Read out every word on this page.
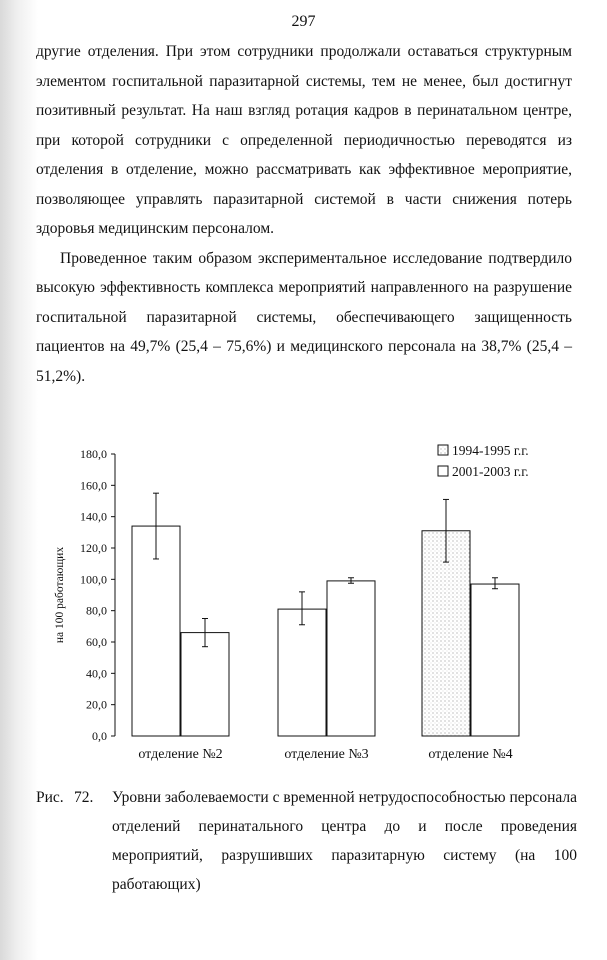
297

другие отделения. При этом сотрудники продолжали оставаться структурным элементом госпитальной паразитарной системы, тем не менее, был достигнут позитивный результат. На наш взгляд ротация кадров в перинатальном центре, при которой сотрудники с определенной периодичностью переводятся из отделения в отделение, можно рассматривать как эффективное мероприятие, позволяющее управлять паразитарной системой в части снижения потерь здоровья медицинским персоналом.

Проведенное таким образом экспериментальное исследование подтвердило высокую эффективность комплекса мероприятий направленного на разрушение госпитальной паразитарной системы, обеспечивающего защищенность пациентов на 49,7% (25,4 – 75,6%) и медицинского персонала на 38,7% (25,4 – 51,2%).

0,0
20,0
40,0
60,0
80,0
100,0
120,0
140,0
160,0
180,0
на 100 работающих
отделение №2	отделение №3	отделение №4
1994-1995 г.г.
2001-2003 г.г.
Рис. 72. Уровни заболеваемости с временной нетрудоспособностью персонала отделений перинатального центра до и после проведения мероприятий, разрушивших паразитарную систему (на 100 работающих)
